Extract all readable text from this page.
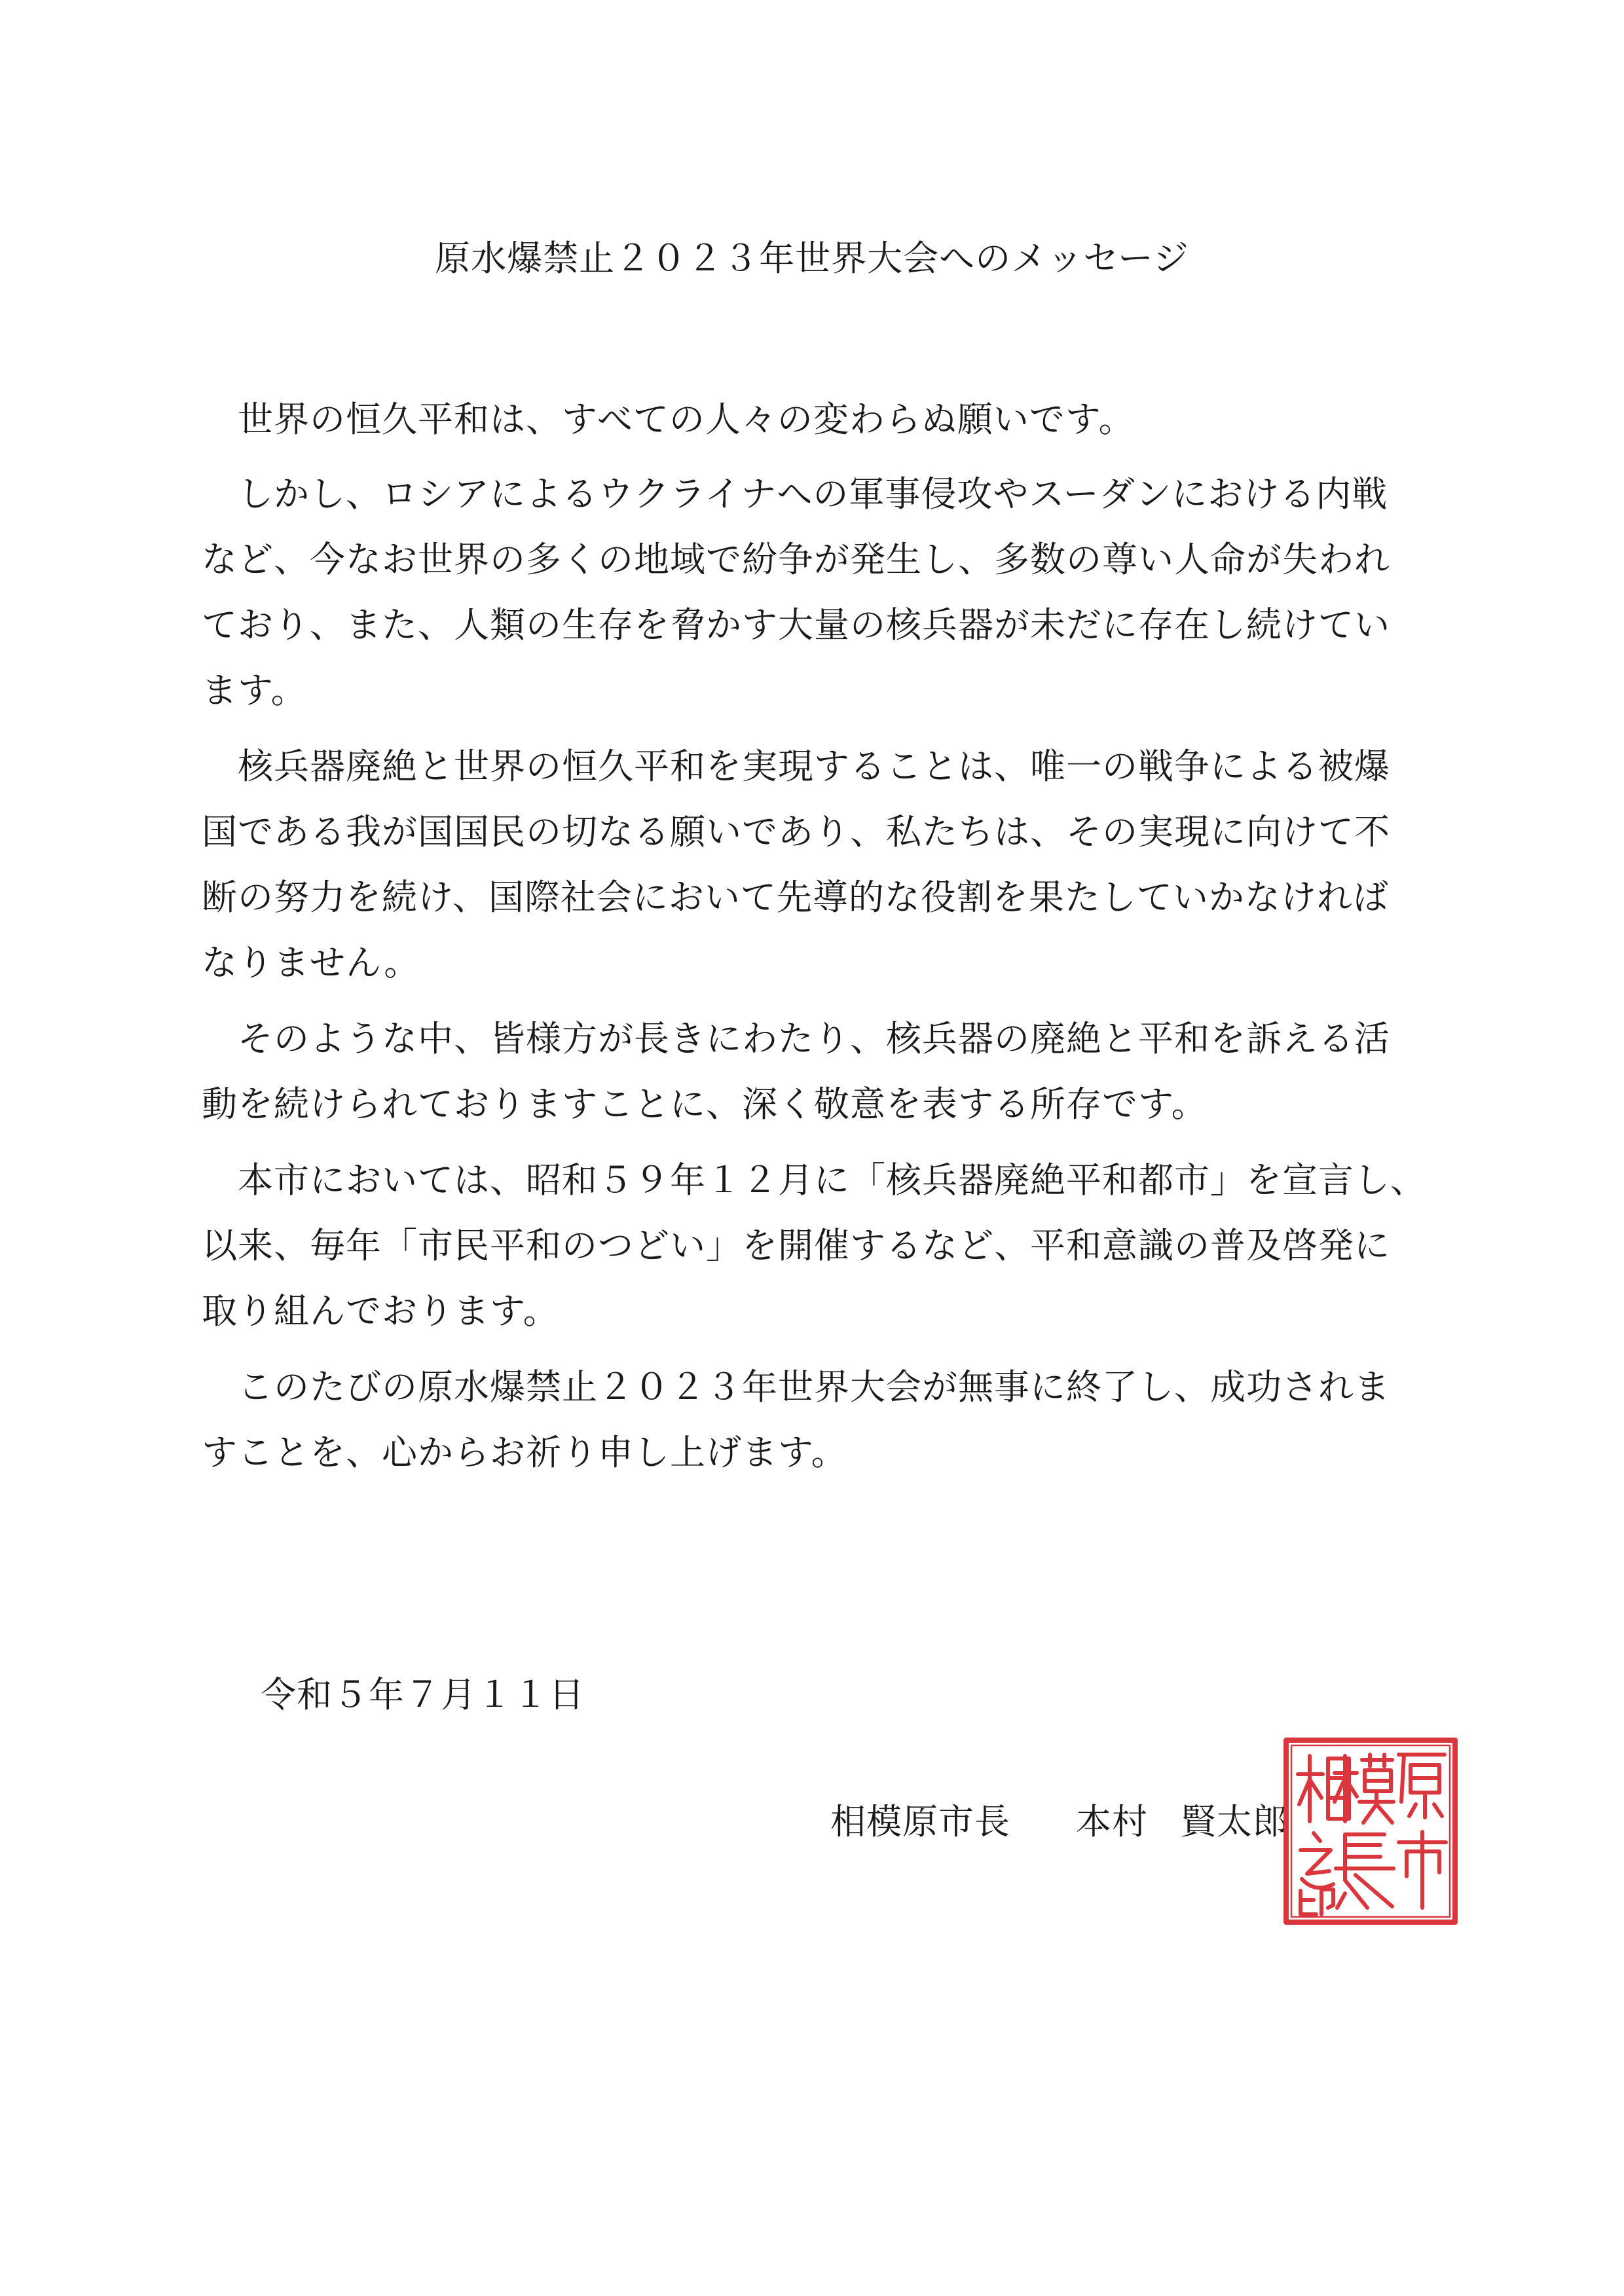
原水爆禁止２０２３年世界大会へのメッセージ
　世界の恒久平和は、すべての人々の変わらぬ願いです。
　しかし、ロシアによるウクライナへの軍事侵攻やスーダンにおける内戦
など、今なお世界の多くの地域で紛争が発生し、多数の尊い人命が失われ
ており、また、人類の生存を脅かす大量の核兵器が未だに存在し続けてい
ます。
　核兵器廃絶と世界の恒久平和を実現することは、唯一の戦争による被爆
国である我が国国民の切なる願いであり、私たちは、その実現に向けて不
断の努力を続け、国際社会において先導的な役割を果たしていかなければ
なりません。
　そのような中、皆様方が長きにわたり、核兵器の廃絶と平和を訴える活
動を続けられておりますことに、深く敬意を表する所存です。
　本市においては、昭和５９年１２月に「核兵器廃絶平和都市」を宣言し、
以来、毎年「市民平和のつどい」を開催するなど、平和意識の普及啓発に
取り組んでおります。
　このたびの原水爆禁止２０２３年世界大会が無事に終了し、成功されま
すことを、心からお祈り申し上げます。
令和５年７月１１日
相模原市長 本村 賢太郎
